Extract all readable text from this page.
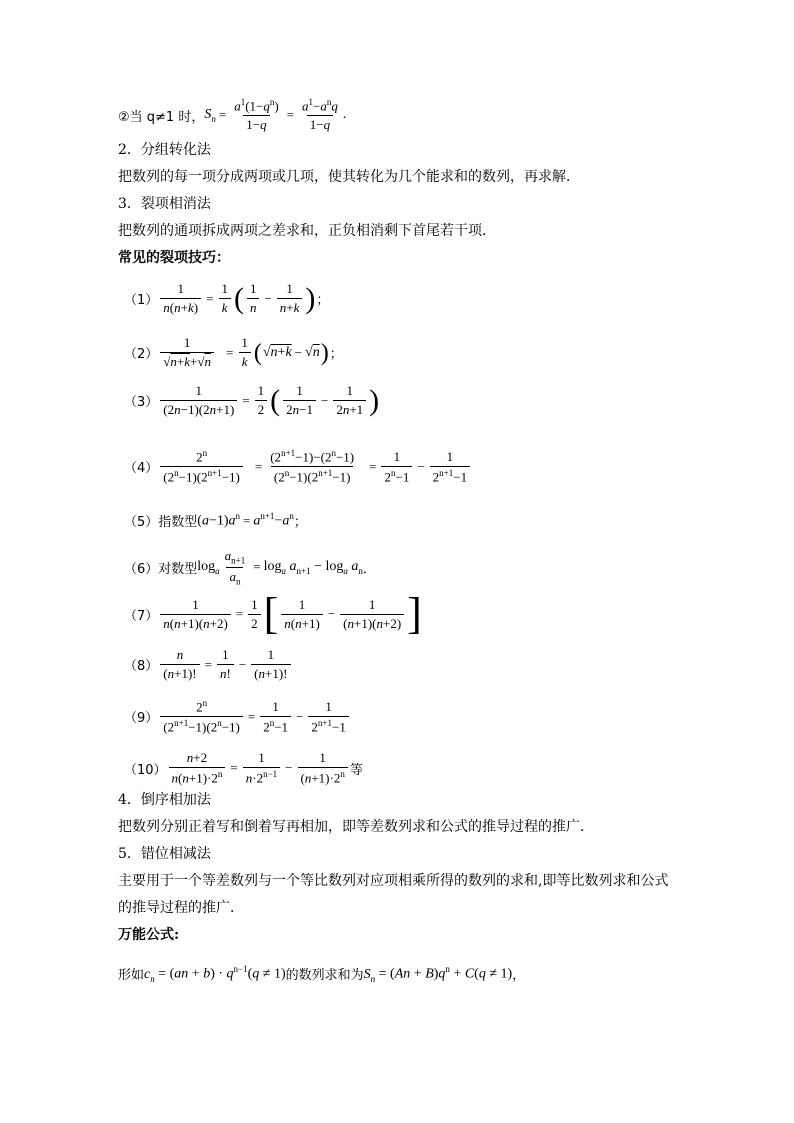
②当 q≠1 时， $S_n = \frac{a^1(1-q^n)}{1-q} = \frac{a^1-a^nq}{1-q}$ .
2．分组转化法
把数列的每一项分成两项或几项，使其转化为几个能求和的数列，再求解．
3．裂项相消法
把数列的通项拆成两项之差求和，正负相消剩下首尾若干项．
常见的裂项技巧：
$(1) \frac{1}{n(n+k)} = \frac{1}{k}$ ( $\frac{1}{n} - \frac{1}{n+k}$ ) ；
$(2) \frac{1}{√n+k+√n} = \frac{1}{k}$ ( √n+k − √n ) ；
$(3) \frac{1}{(2n-1)(2n+1)} = \frac{1}{2}$ ( $\frac{1}{2n-1} - \frac{1}{2n+1}$ )
$(4) \frac{2^n}{(2^n-1)(2^{n+1}-1)} = \frac{(2^{n+1}-1)-(2^n-1)}{(2^n-1)(2^{n+1}-1)} = \frac{1}{2^n-1} - \frac{1}{2^{n+1}-1}$
（5）指数型 $(a-1)a^n = a^{n+1}-a^n$ ；
（6）对数型 $\log_a \frac{a_{n+1}}{a_n} = \log_a a_{n+1} - \log_a a_n$ ．
$(7) \frac{1}{n(n+1)(n+2)} = \frac{1}{2}$ [ $\frac{1}{n(n+1)} - \frac{1}{(n+1)(n+2)}$ ]
$(8) \frac{n}{(n+1)!} = \frac{1}{n!} - \frac{1}{(n+1)!}$
$(9) \frac{2^n}{(2^{n+1}-1)(2^n-1)} = \frac{1}{2^n-1} - \frac{1}{2^{n+1}-1}$
$(10) \frac{n+2}{n(n+1)\cdot 2^n} = \frac{1}{n\cdot 2^{n-1}} - \frac{1}{(n+1)\cdot 2^n}$ 等
4．倒序相加法
把数列分别正着写和倒着写再相加，即等差数列求和公式的推导过程的推广．
5．错位相减法
主要用于一个等差数列与一个等比数列对应项相乘所得的数列的求和,即等比数列求和公式
的推导过程的推广．
万能公式:
形如 $c_n = (an + b) \cdot q^{n-1}(q \ne 1)$ 的数列求和为 $S_n = (An + B)q^n + C(q \ne 1)$ ，
